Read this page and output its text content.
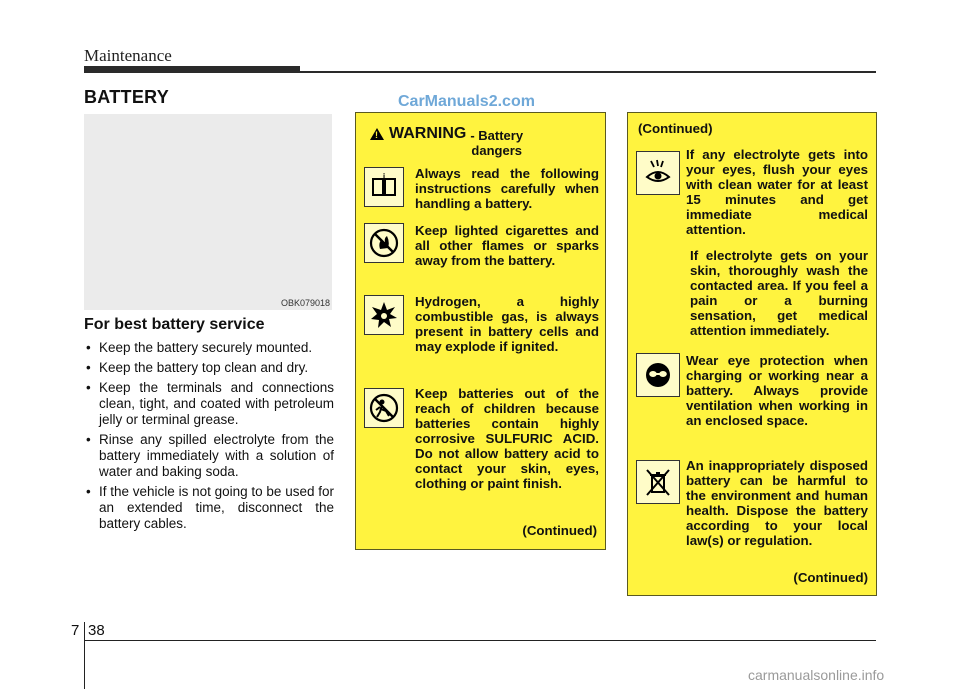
Maintenance
BATTERY	CarManuals2.com
OBK079018
For best battery service
• Keep the battery securely mounted.
• Keep the battery top clean and dry.
• Keep the terminals and connections clean, tight, and coated with petroleum jelly or terminal grease.
• Rinse any spilled electrolyte from the battery immediately with a solution of water and baking soda.
• If the vehicle is not going to be used for an extended time, disconnect the battery cables.
!
WARNING - Battery
dangers
i Always read the following instructions carefully when handling a battery.
Keep lighted cigarettes and all other flames or sparks away from the battery.
Hydrogen, a highly combustible gas, is always present in battery cells and may explode if ignited.
Keep batteries out of the reach of children because batteries contain highly corrosive SULFURIC ACID. Do not allow battery acid to contact your skin, eyes, clothing or paint finish.
(Continued)
(Continued)
If any electrolyte gets into your eyes, flush your eyes with clean water for at least 15 minutes and get immediate medical attention.
If electrolyte gets on your skin, thoroughly wash the contacted area. If you feel a pain or a burning sensation, get medical attention immediately.
Wear eye protection when charging or working near a battery. Always provide ventilation when working in an enclosed space.
An inappropriately disposed battery can be harmful to the environment and human health. Dispose the battery according to your local law(s) or regulation.
(Continued)
7 38
carmanualsonline.info
